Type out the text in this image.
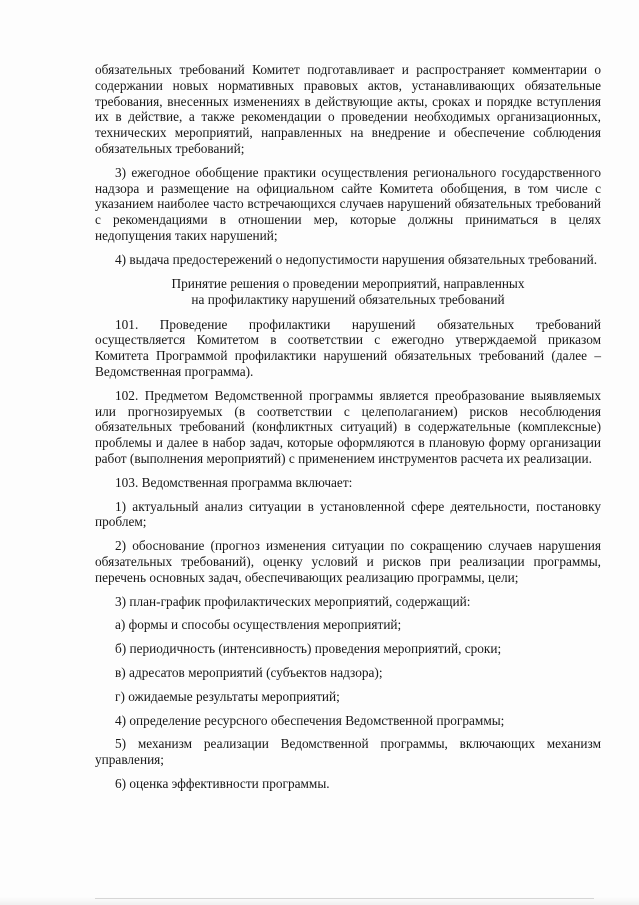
обязательных требований Комитет подготавливает и распространяет комментарии о содержании новых нормативных правовых актов, устанавливающих обязательные требования, внесенных изменениях в действующие акты, сроках и порядке вступления их в действие, а также рекомендации о проведении необходимых организационных, технических мероприятий, направленных на внедрение и обеспечение соблюдения обязательных требований;

3) ежегодное обобщение практики осуществления регионального государственного надзора и размещение на официальном сайте Комитета обобщения, в том числе с указанием наиболее часто встречающихся случаев нарушений обязательных требований с рекомендациями в отношении мер, которые должны приниматься в целях недопущения таких нарушений;

4) выдача предостережений о недопустимости нарушения обязательных требований.

Принятие решения о проведении мероприятий, направленных
на профилактику нарушений обязательных требований

101. Проведение профилактики нарушений обязательных требований осуществляется Комитетом в соответствии с ежегодно утверждаемой приказом Комитета Программой профилактики нарушений обязательных требований (далее – Ведомственная программа).

102. Предметом Ведомственной программы является преобразование выявляемых или прогнозируемых (в соответствии с целеполаганием) рисков несоблюдения обязательных требований (конфликтных ситуаций) в содержательные (комплексные) проблемы и далее в набор задач, которые оформляются в плановую форму организации работ (выполнения мероприятий) с применением инструментов расчета их реализации.

103. Ведомственная программа включает:

1) актуальный анализ ситуации в установленной сфере деятельности, постановку проблем;

2) обоснование (прогноз изменения ситуации по сокращению случаев нарушения обязательных требований), оценку условий и рисков при реализации программы, перечень основных задач, обеспечивающих реализацию программы, цели;

3) план-график профилактических мероприятий, содержащий:

а) формы и способы осуществления мероприятий;

б) периодичность (интенсивность) проведения мероприятий, сроки;

в) адресатов мероприятий (субъектов надзора);

г) ожидаемые результаты мероприятий;

4) определение ресурсного обеспечения Ведомственной программы;

5) механизм реализации Ведомственной программы, включающих механизм управления;

6) оценка эффективности программы.
